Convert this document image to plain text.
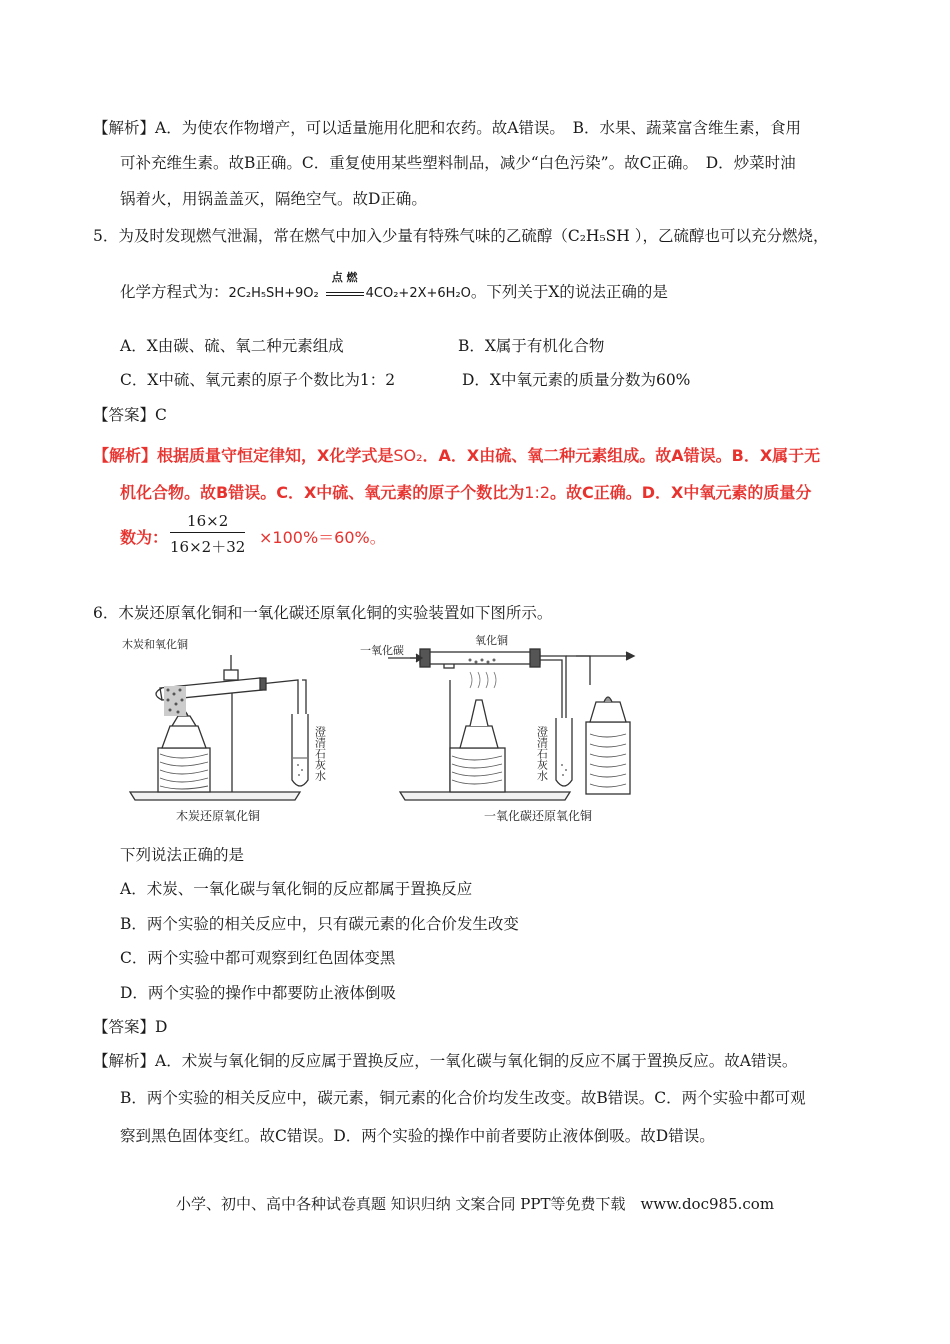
【解析】A．为使农作物增产，可以适量施用化肥和农药。故A错误。　B．水果、蔬菜富含维生素，食用
可补充维生素。故B正确。C．重复使用某些塑料制品，减少“白色污染”。故C正确。　D．炒菜时油
锅着火，用锅盖盖灭，隔绝空气。故D正确。
5．为及时发现燃气泄漏，常在燃气中加入少量有特殊气味的乙硫醇（C₂H₅SH ），乙硫醇也可以充分燃烧，
化学方程式为：2C₂H₅SH+9O₂
点 燃
4CO₂+2X+6H₂O。下列关于X的说法正确的是
A．X由碳、硫、氧二种元素组成	B．X属于有机化合物
C．X中硫、氧元素的原子个数比为1：2	D．X中氧元素的质量分数为60%
【答案】C
【解析】根据质量守恒定律知，X化学式是SO₂．A．X由硫、氧二种元素组成。故A错误。B．X属于无
机化合物。故B错误。C．X中硫、氧元素的原子个数比为1:2。故C正确。D．X中氧元素的质量分
数为： $\frac{16\times 2}{16\times 2+32} \times 100\%=60\%$。
6．木炭还原氧化铜和一氧化碳还原氧化铜的实验装置如下图所示。
木炭和氧化铜	一氧化碳
氧化铜
木炭还原氧化铜	一氧化碳还原氧化铜
澄清石灰水	澄清石灰水
下列说法正确的是
A．术炭、一氧化碳与氧化铜的反应都属于置换反应
B．两个实验的相关反应中，只有碳元素的化合价发生改变
C．两个实验中都可观察到红色固体变黑
D．两个实验的操作中都要防止液体倒吸
【答案】D
【解析】A．术炭与氧化铜的反应属于置换反应，一氧化碳与氧化铜的反应不属于置换反应。故A错误。
B．两个实验的相关反应中，碳元素，铜元素的化合价均发生改变。故B错误。C．两个实验中都可观
察到黑色固体变红。故C错误。D．两个实验的操作中前者要防止液体倒吸。故D错误。
小学、初中、高中各种试卷真题 知识归纳 文案合同 PPT等免费下载　www.doc985.com
